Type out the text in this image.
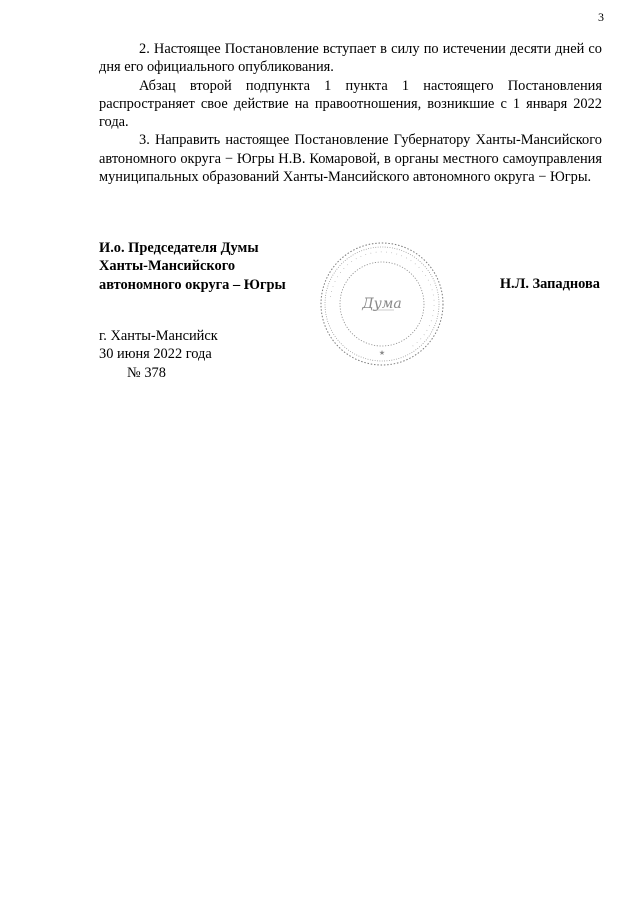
3

2. Настоящее Постановление вступает в силу по истечении десяти дней со дня его официального опубликования.

Абзац второй подпункта 1 пункта 1 настоящего Постановления распространяет свое действие на правоотношения, возникшие с 1 января 2022 года.

3. Направить настоящее Постановление Губернатору Ханты-Мансийского автономного округа − Югры Н.В. Комаровой, в органы местного самоуправления муниципальных образований Ханты-Мансийского автономного округа − Югры.

И.о. Председателя Думы
Ханты-Мансийского
автономного округа – Югры
· · · · · · · · · · · · · · · · · · · · · · · · · · · · · · · · · · · · · · · ·
Дума
★
Н.Л. Западнова
г. Ханты-Мансийск
30 июня 2022 года
№ 378
